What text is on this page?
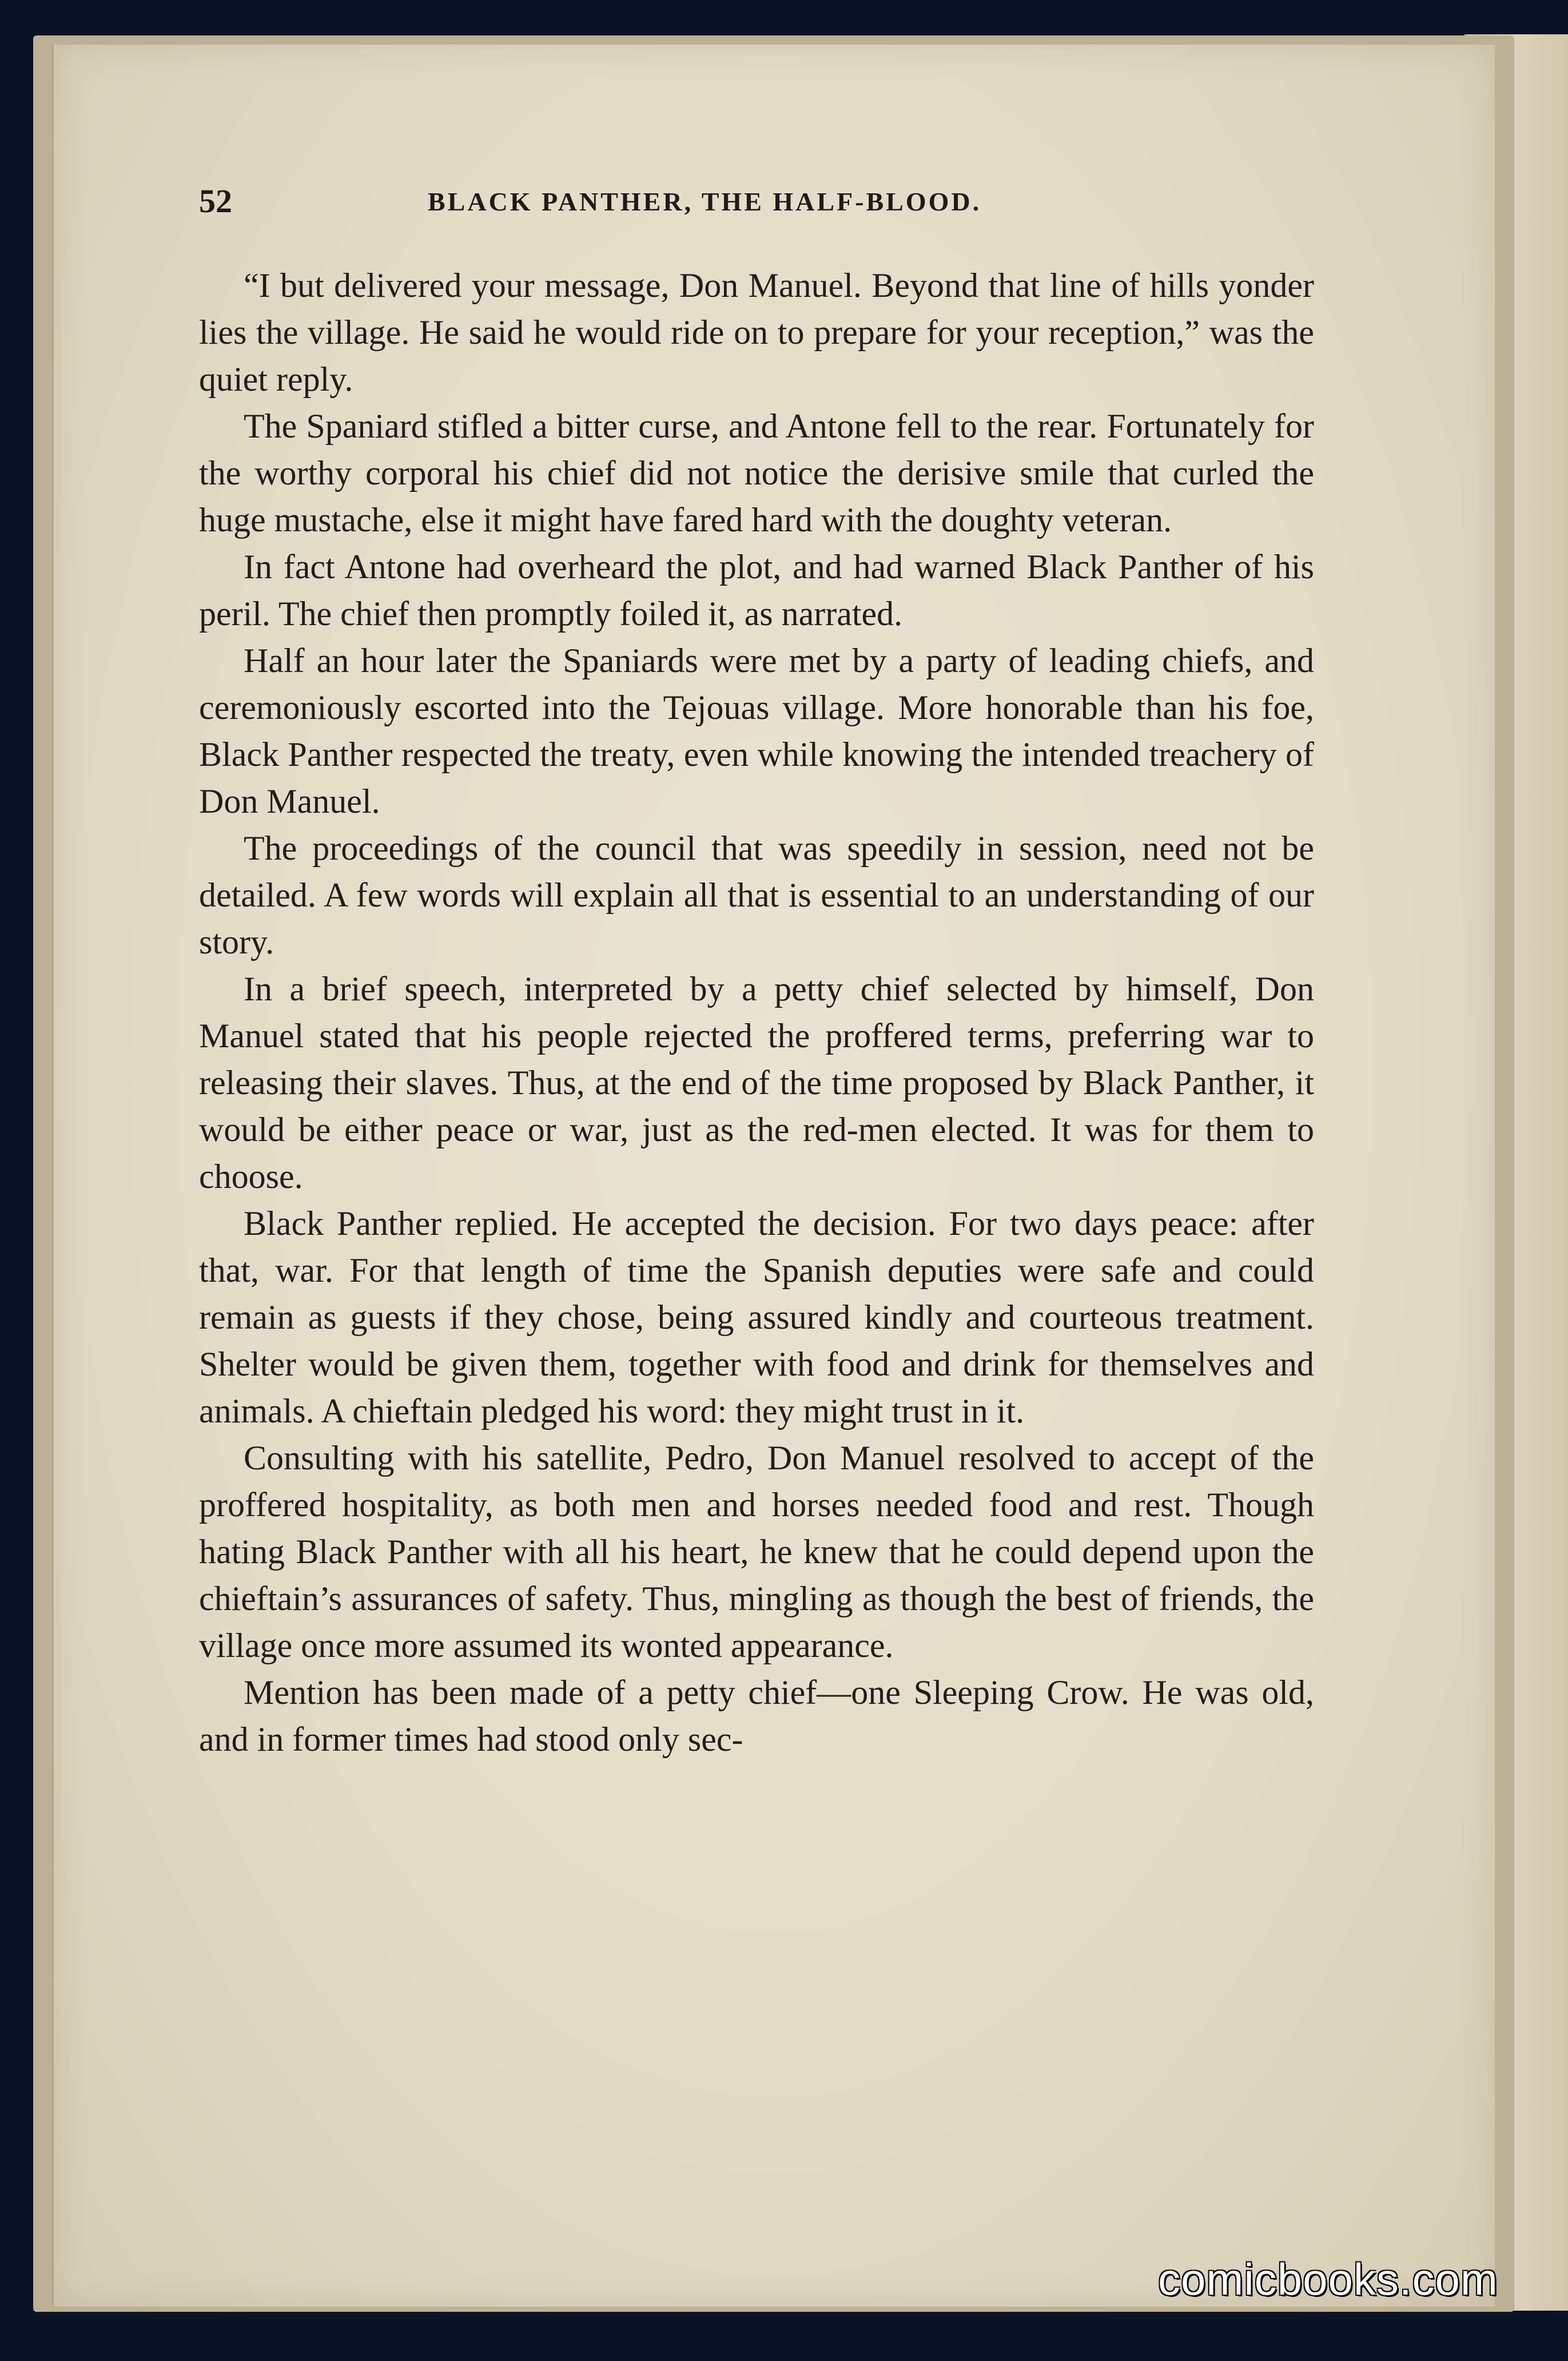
52	BLACK PANTHER, THE HALF-BLOOD.

“I but delivered your message, Don Manuel. Beyond that line of hills yonder lies the village. He said he would ride on to prepare for your reception,” was the quiet reply.

The Spaniard stifled a bitter curse, and Antone fell to the rear. Fortunately for the worthy corporal his chief did not notice the derisive smile that curled the huge mustache, else it might have fared hard with the doughty veteran.

In fact Antone had overheard the plot, and had warned Black Panther of his peril. The chief then promptly foiled it, as narrated.

Half an hour later the Spaniards were met by a party of leading chiefs, and ceremoniously escorted into the Tejouas village. More honorable than his foe, Black Panther respected the treaty, even while knowing the intended treachery of Don Manuel.

The proceedings of the council that was speedily in session, need not be detailed. A few words will explain all that is essential to an understanding of our story.

In a brief speech, interpreted by a petty chief selected by himself, Don Manuel stated that his people rejected the proffered terms, preferring war to releasing their slaves. Thus, at the end of the time proposed by Black Panther, it would be either peace or war, just as the red-men elected. It was for them to choose.

Black Panther replied. He accepted the decision. For two days peace: after that, war. For that length of time the Spanish deputies were safe and could remain as guests if they chose, being assured kindly and courteous treatment. Shelter would be given them, together with food and drink for themselves and animals. A chieftain pledged his word: they might trust in it.

Consulting with his satellite, Pedro, Don Manuel resolved to accept of the proffered hospitality, as both men and horses needed food and rest. Though hating Black Panther with all his heart, he knew that he could depend upon the chieftain’s assurances of safety. Thus, mingling as though the best of friends, the village once more assumed its wonted appearance.

Mention has been made of a petty chief—one Sleeping Crow. He was old, and in former times had stood only sec-

comicbooks.com
